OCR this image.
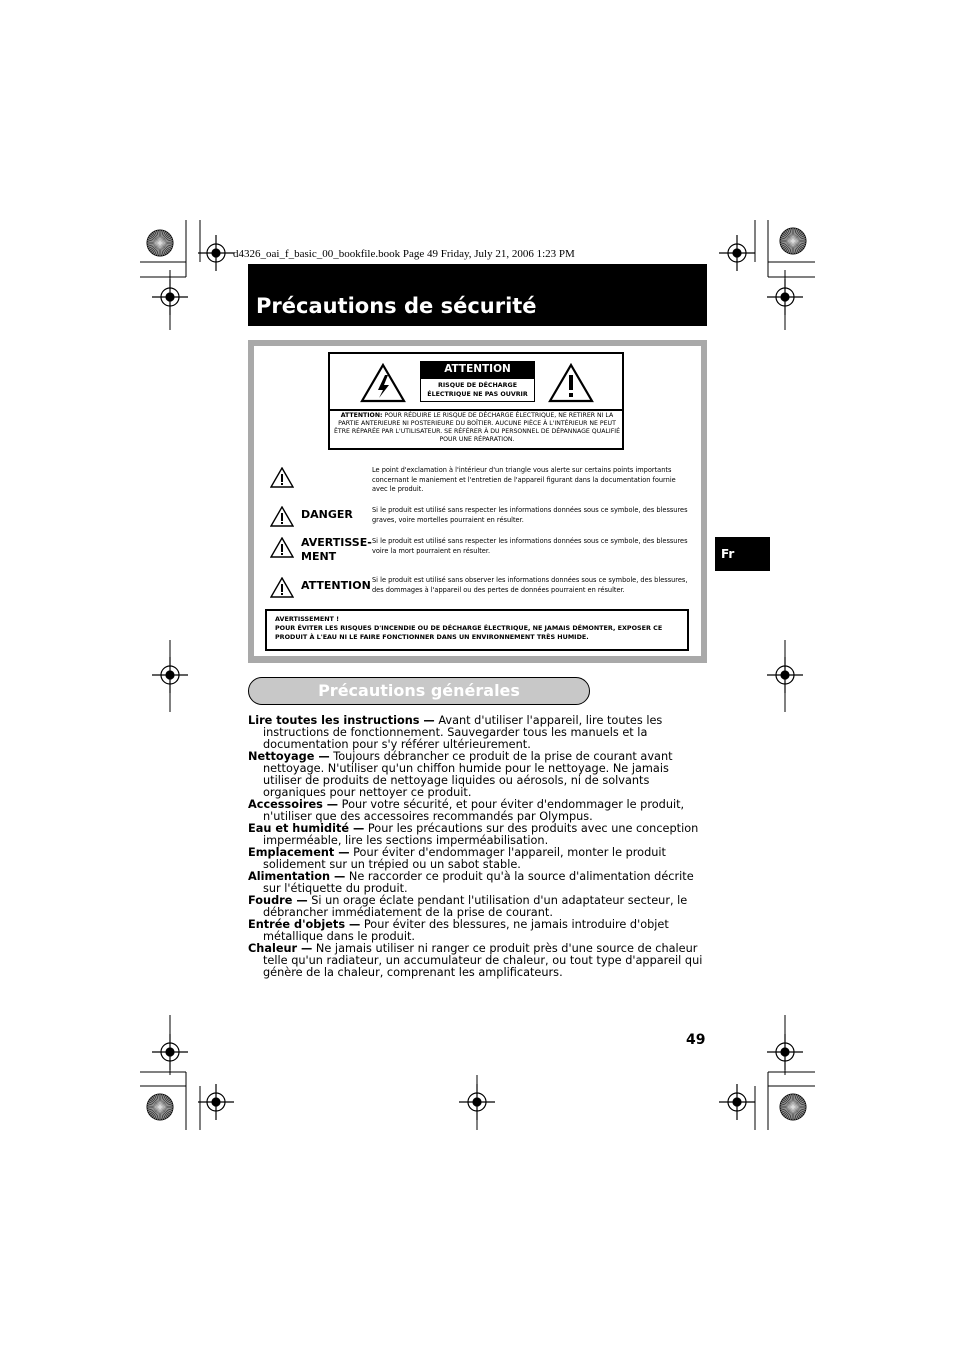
d4326_oai_f_basic_00_bookfile.book Page 49 Friday, July 21, 2006 1:23 PM
Précautions de sécurité
ATTENTION
RISQUE DE DÉCHARGE
ÉLECTRIQUE NE PAS OUVRIR
ATTENTION: POUR RÉDUIRE LE RISQUE DE DÉCHARGE ÉLECTRIQUE, NE RETIRER NI LA PARTIE ANTERIEURE NI POSTERIEURE DU BOÎTIER. AUCUNE PIÈCE À L'INTÉRIEUR NE PEUT ÊTRE RÉPARÉE PAR L'UTILISATEUR. SE RÉFÉRER À DU PERSONNEL DE DÉPANNAGE QUALIFIÉ POUR UNE RÉPARATION.
Le point d'exclamation à l'intérieur d'un triangle vous alerte sur certains points importants concernant le maniement et l'entretien de l'appareil figurant dans la documentation fournie avec le produit.
DANGER	Si le produit est utilisé sans respecter les informations données sous ce symbole, des blessures graves, voire mortelles pourraient en résulter.
AVERTISSE-
MENT
Si le produit est utilisé sans respecter les informations données sous ce symbole, des blessures voire la mort pourraient en résulter.
ATTENTION Si le produit est utilisé sans observer les informations données sous ce symbole, des blessures, des dommages à l'appareil ou des pertes de données pourraient en résulter.
AVERTISSEMENT !
POUR ÉVITER LES RISQUES D'INCENDIE OU DE DÉCHARGE ÉLECTRIQUE, NE JAMAIS DÉMONTER, EXPOSER CE
PRODUIT À L'EAU NI LE FAIRE FONCTIONNER DANS UN ENVIRONNEMENT TRÈS HUMIDE.
Précautions générales

Lire toutes les instructions — Avant d'utiliser l'appareil, lire toutes les instructions de fonctionnement. Sauvegarder tous les manuels et la documentation pour s'y référer ultérieurement.

Nettoyage — Toujours débrancher ce produit de la prise de courant avant nettoyage. N'utiliser qu'un chiffon humide pour le nettoyage. Ne jamais utiliser de produits de nettoyage liquides ou aérosols, ni de solvants organiques pour nettoyer ce produit.

Accessoires — Pour votre sécurité, et pour éviter d'endommager le produit, n'utiliser que des accessoires recommandés par Olympus.

Eau et humidité — Pour les précautions sur des produits avec une conception imperméable, lire les sections imperméabilisation.

Emplacement — Pour éviter d'endommager l'appareil, monter le produit solidement sur un trépied ou un sabot stable.

Alimentation — Ne raccorder ce produit qu'à la source d'alimentation décrite sur l'étiquette du produit.

Foudre — Si un orage éclate pendant l'utilisation d'un adaptateur secteur, le débrancher immédiatement de la prise de courant.

Entrée d'objets — Pour éviter des blessures, ne jamais introduire d'objet métallique dans le produit.

Chaleur — Ne jamais utiliser ni ranger ce produit près d'une source de chaleur telle qu'un radiateur, un accumulateur de chaleur, ou tout type d'appareil qui génère de la chaleur, comprenant les amplificateurs.

Fr
49
